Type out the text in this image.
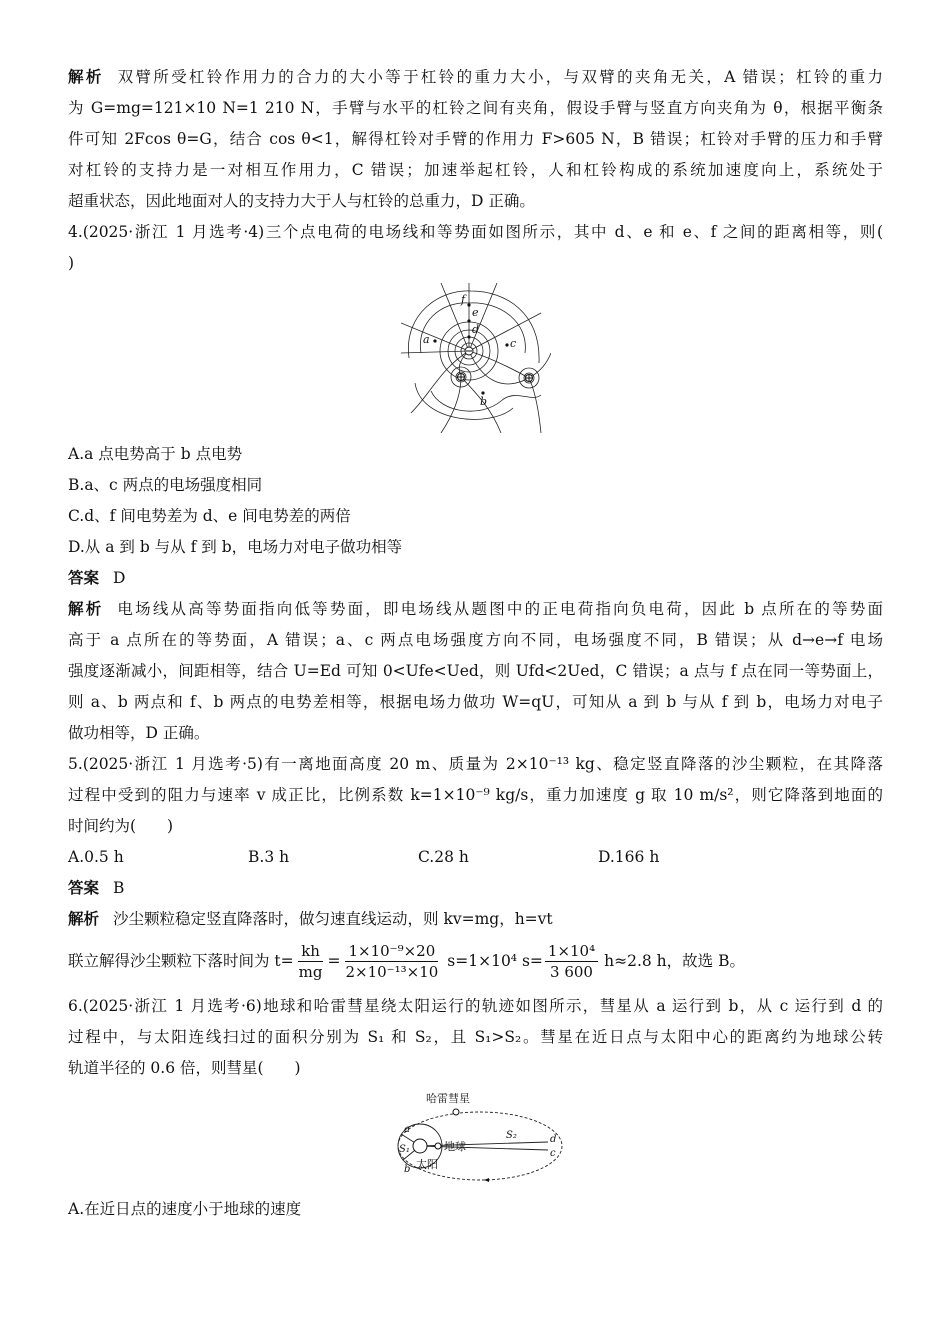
解析 双臂所受杠铃作用力的合力的大小等于杠铃的重力大小，与双臂的夹角无关，A 错误；杠铃的重力
为 G=mg=121×10 N=1 210 N，手臂与水平的杠铃之间有夹角，假设手臂与竖直方向夹角为 θ，根据平衡条
件可知 2Fcos θ=G，结合 cos θ<1，解得杠铃对手臂的作用力 F>605 N，B 错误；杠铃对手臂的压力和手臂
对杠铃的支持力是一对相互作用力，C 错误；加速举起杠铃，人和杠铃构成的系统加速度向上，系统处于
超重状态，因此地面对人的支持力大于人与杠铃的总重力，D 正确。
4.(2025·浙江 1 月选考·4)三个点电荷的电场线和等势面如图所示，其中 d、e 和 e、f 之间的距离相等，则(
)
f
e
d
a	c
b
A.a 点电势高于 b 点电势
B.a、c 两点的电场强度相同
C.d、f 间电势差为 d、e 间电势差的两倍
D.从 a 到 b 与从 f 到 b，电场力对电子做功相等
答案 D
解析 电场线从高等势面指向低等势面，即电场线从题图中的正电荷指向负电荷，因此 b 点所在的等势面
高于 a 点所在的等势面，A 错误；a、c 两点电场强度方向不同，电场强度不同，B 错误；从 d→e→f 电场
强度逐渐减小，间距相等，结合 U=Ed 可知 0<Ufe<Ued，则 Ufd<2Ued，C 错误；a 点与 f 点在同一等势面上，
则 a、b 两点和 f、b 两点的电势差相等，根据电场力做功 W=qU，可知从 a 到 b 与从 f 到 b，电场力对电子
做功相等，D 正确。
5.(2025·浙江 1 月选考·5)有一离地面高度 20 m、质量为 2×10⁻¹³ kg、稳定竖直降落的沙尘颗粒，在其降落
过程中受到的阻力与速率 v 成正比，比例系数 k=1×10⁻⁹ kg/s，重力加速度 g 取 10 m/s²，则它降落到地面的
时间约为(　　)
A.0.5 h	B.3 h	C.28 h	D.166 h
答案 B
解析 沙尘颗粒稳定竖直降落时，做匀速直线运动，则 kv=mg，h=vt
联立解得沙尘颗粒下落时间为 $t= \frac{kh}{mg} = \frac{\text{1×10⁻⁹×20}}{\text{2×10⁻¹³×10}} s=1\times 10^4$ $s= \frac{\text{1×10⁴}}{3 600} h\approx 2.8$ h，故选 B。
6.(2025·浙江 1 月选考·6)地球和哈雷彗星绕太阳运行的轨迹如图所示，彗星从 a 运行到 b，从 c 运行到 d 的
过程中，与太阳连线扫过的面积分别为 S₁ 和 S₂，且 S₁>S₂。彗星在近日点与太阳中心的距离约为地球公转
轨道半径的 0.6 倍，则彗星(　　)
哈雷彗星
地球
太阳
S₁
S₂
a
b
c
d
A.在近日点的速度小于地球的速度
